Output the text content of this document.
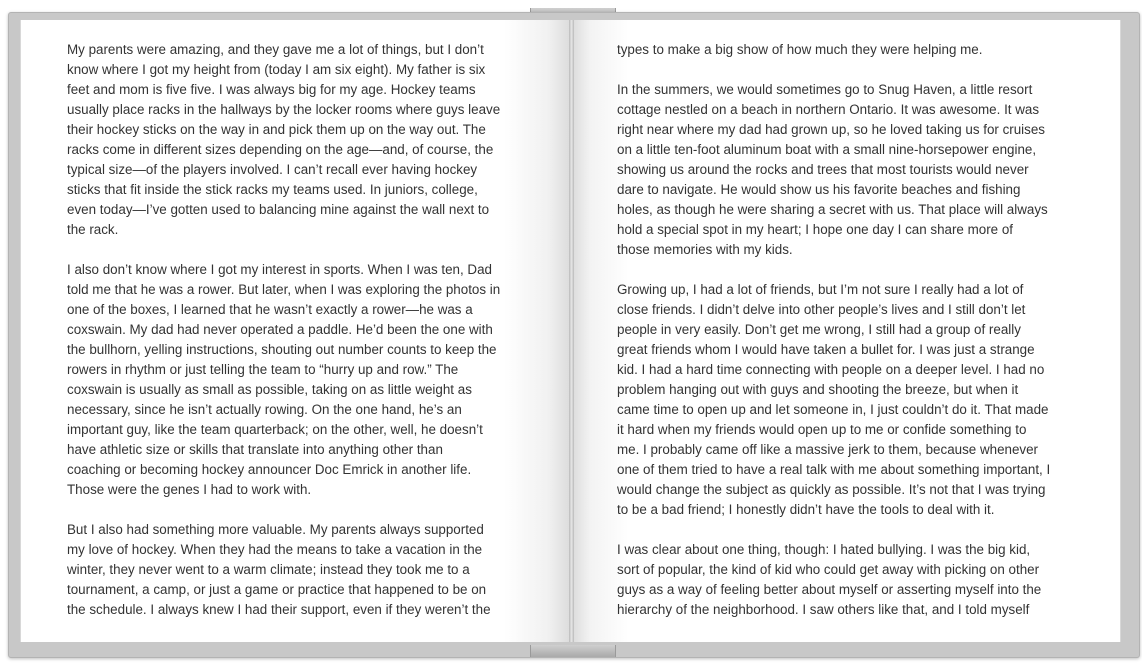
My parents were amazing, and they gave me a lot of things, but I don’t
know where I got my height from (today I am six eight). My father is six
feet and mom is five five. I was always big for my age. Hockey teams
usually place racks in the hallways by the locker rooms where guys leave
their hockey sticks on the way in and pick them up on the way out. The
racks come in different sizes depending on the age—and, of course, the
typical size—of the players involved. I can’t recall ever having hockey
sticks that fit inside the stick racks my teams used. In juniors, college,
even today—I’ve gotten used to balancing mine against the wall next to
the rack.

I also don’t know where I got my interest in sports. When I was ten, Dad
told me that he was a rower. But later, when I was exploring the photos in
one of the boxes, I learned that he wasn’t exactly a rower—he was a
coxswain. My dad had never operated a paddle. He’d been the one with
the bullhorn, yelling instructions, shouting out number counts to keep the
rowers in rhythm or just telling the team to “hurry up and row.” The
coxswain is usually as small as possible, taking on as little weight as
necessary, since he isn’t actually rowing. On the one hand, he’s an
important guy, like the team quarterback; on the other, well, he doesn’t
have athletic size or skills that translate into anything other than
coaching or becoming hockey announcer Doc Emrick in another life.
Those were the genes I had to work with.

But I also had something more valuable. My parents always supported
my love of hockey. When they had the means to take a vacation in the
winter, they never went to a warm climate; instead they took me to a
tournament, a camp, or just a game or practice that happened to be on
the schedule. I always knew I had their support, even if they weren’t the

types to make a big show of how much they were helping me.

In the summers, we would sometimes go to Snug Haven, a little resort
cottage nestled on a beach in northern Ontario. It was awesome. It was
right near where my dad had grown up, so he loved taking us for cruises
on a little ten-foot aluminum boat with a small nine-horsepower engine,
showing us around the rocks and trees that most tourists would never
dare to navigate. He would show us his favorite beaches and fishing
holes, as though he were sharing a secret with us. That place will always
hold a special spot in my heart; I hope one day I can share more of
those memories with my kids.

Growing up, I had a lot of friends, but I’m not sure I really had a lot of
close friends. I didn’t delve into other people’s lives and I still don’t let
people in very easily. Don’t get me wrong, I still had a group of really
great friends whom I would have taken a bullet for. I was just a strange
kid. I had a hard time connecting with people on a deeper level. I had no
problem hanging out with guys and shooting the breeze, but when it
came time to open up and let someone in, I just couldn’t do it. That made
it hard when my friends would open up to me or confide something to
me. I probably came off like a massive jerk to them, because whenever
one of them tried to have a real talk with me about something important, I
would change the subject as quickly as possible. It’s not that I was trying
to be a bad friend; I honestly didn’t have the tools to deal with it.

I was clear about one thing, though: I hated bullying. I was the big kid,
sort of popular, the kind of kid who could get away with picking on other
guys as a way of feeling better about myself or asserting myself into the
hierarchy of the neighborhood. I saw others like that, and I told myself
